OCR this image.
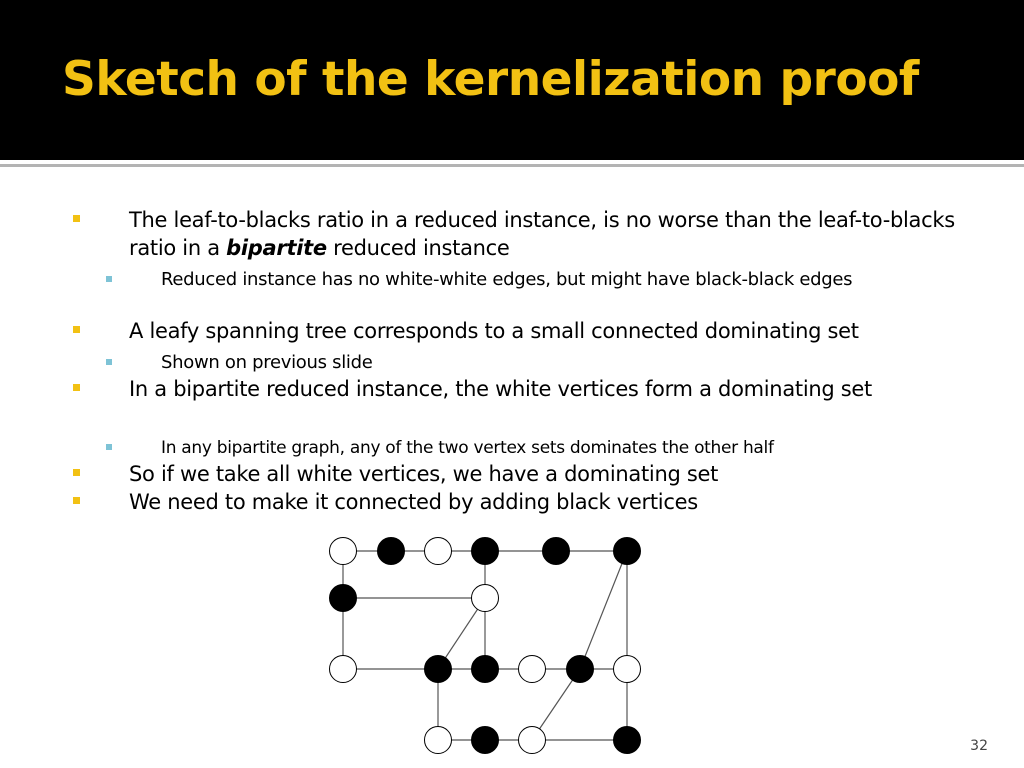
Sketch of the kernelization proof

The leaf-to-blacks ratio in a reduced instance, is no worse than the leaf-to-blacks ratio in a bipartite reduced instance

Reduced instance has no white-white edges, but might have black-black edges

A leafy spanning tree corresponds to a small connected dominating set

Shown on previous slide

In a bipartite reduced instance, the white vertices form a dominating set

In any bipartite graph, any of the two vertex sets dominates the other half

So if we take all white vertices, we have a dominating set

We need to make it connected by adding black vertices

32
